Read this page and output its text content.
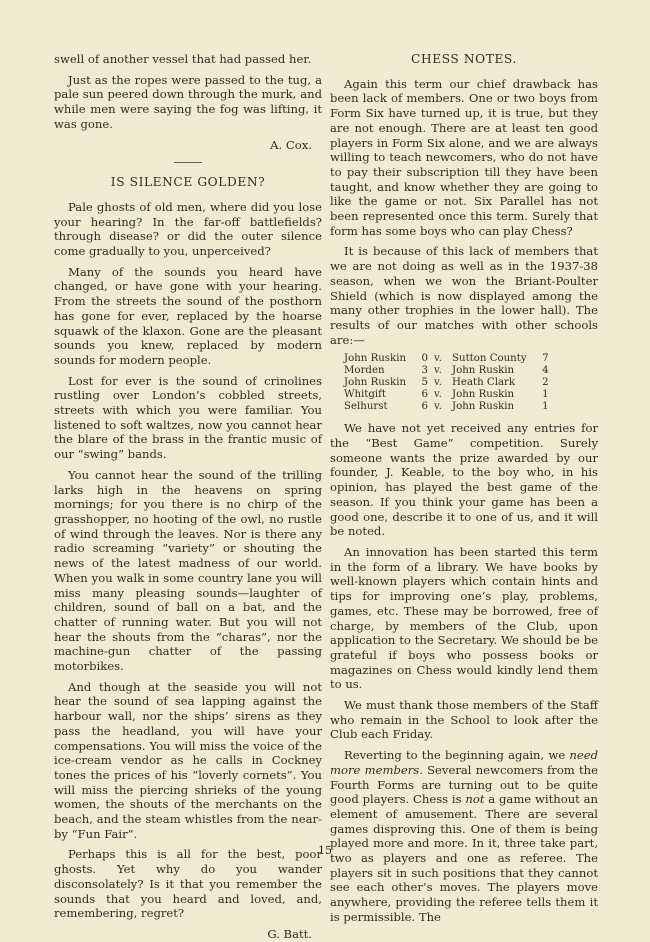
swell of another vessel that had passed her.

Just as the ropes were passed to the tug, a pale sun peered down through the murk, and while men were saying the fog was lifting, it was gone.

A. Cox.
IS SILENCE GOLDEN?

Pale ghosts of old men, where did you lose your hearing? In the far-off battlefields? through disease? or did the outer silence come gradually to you, unperceived?

Many of the sounds you heard have changed, or have gone with your hearing. From the streets the sound of the posthorn has gone for ever, replaced by the hoarse squawk of the klaxon. Gone are the pleasant sounds you knew, replaced by modern sounds for modern people.

Lost for ever is the sound of crinolines rustling over London’s cobbled streets, streets with which you were familiar. You listened to soft waltzes, now you cannot hear the blare of the brass in the frantic music of our “swing” bands.

You cannot hear the sound of the trilling larks high in the heavens on spring mornings; for you there is no chirp of the grasshopper, no hooting of the owl, no rustle of wind through the leaves. Nor is there any radio screaming “variety” or shouting the news of the latest madness of our world. When you walk in some country lane you will miss many pleasing sounds—laughter of children, sound of ball on a bat, and the chatter of running water. But you will not hear the shouts from the “charas”, nor the machine-gun chatter of the passing motorbikes.

And though at the seaside you will not hear the sound of sea lapping against the harbour wall, nor the ships’ sirens as they pass the headland, you will have your compensations. You will miss the voice of the ice-cream vendor as he calls in Cockney tones the prices of his “loverly cornets”. You will miss the piercing shrieks of the young women, the shouts of the merchants on the beach, and the steam whistles from the near-by “Fun Fair”.

Perhaps this is all for the best, poor ghosts. Yet why do you wander disconsolately? Is it that you remember the sounds that you heard and loved, and, remembering, regret?

G. Batt.
CHESS NOTES.

Again this term our chief drawback has been lack of members. One or two boys from Form Six have turned up, it is true, but they are not enough. There are at least ten good players in Form Six alone, and we are always willing to teach newcomers, who do not have to pay their subscription till they have been taught, and know whether they are going to like the game or not. Six Parallel has not been represented once this term. Surely that form has some boys who can play Chess?

It is because of this lack of members that we are not doing as well as in the 1937-38 season, when we won the Briant-Poulter Shield (which is now displayed among the many other trophies in the lower hall). The results of our matches with other schools are:—

John Ruskin	0	v.	Sutton County	7
Morden	3	v.	John Ruskin	4
John Ruskin	5	v.	Heath Clark	2
Whitgift	6	v.	John Ruskin	1
Selhurst	6	v.	John Ruskin	1

We have not yet received any entries for the “Best Game” competition. Surely someone wants the prize awarded by our founder, J. Keable, to the boy who, in his opinion, has played the best game of the season. If you think your game has been a good one, describe it to one of us, and it will be noted.

An innovation has been started this term in the form of a library. We have books by well-known players which contain hints and tips for improving one’s play, problems, games, etc. These may be borrowed, free of charge, by members of the Club, upon application to the Secretary. We should be be grateful if boys who possess books or magazines on Chess would kindly lend them to us.

We must thank those members of the Staff who remain in the School to look after the Club each Friday.

Reverting to the beginning again, we need more members. Several newcomers from the Fourth Forms are turning out to be quite good players. Chess is not a game without an element of amusement. There are several games disproving this. One of them is being played more and more. In it, three take part, two as players and one as referee. The players sit in such positions that they cannot see each other’s moves. The players move anywhere, providing the referee tells them it is permissible. The

15
